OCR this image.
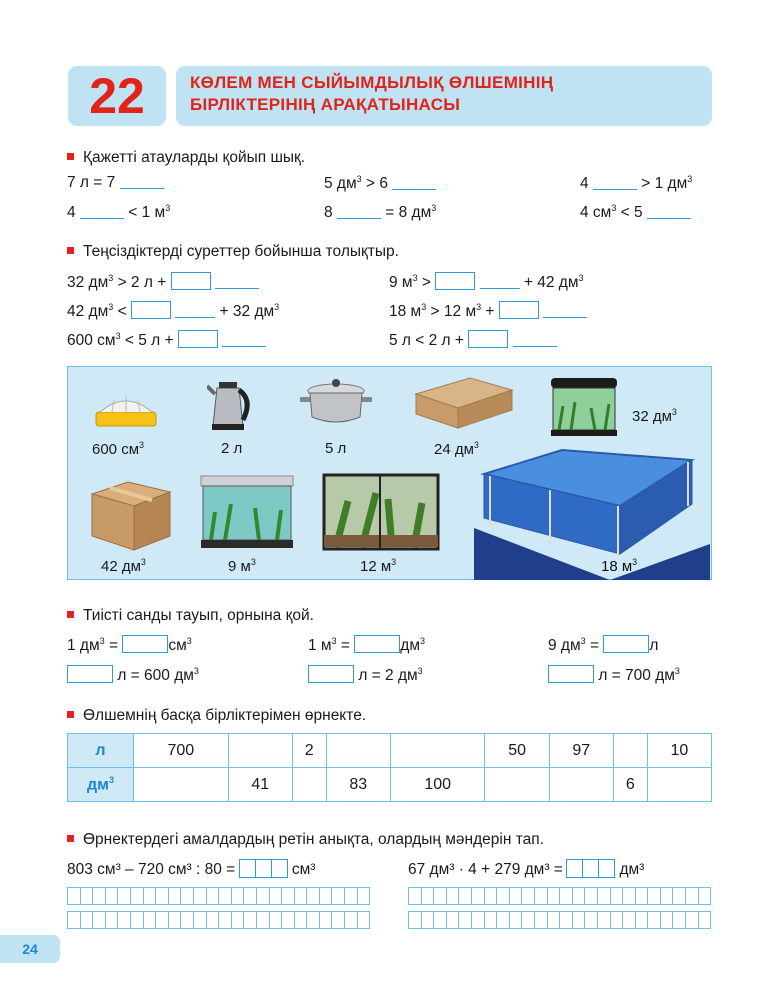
22	КӨЛЕМ МЕН СЫЙЫМДЫЛЫҚ ӨЛШЕМІНІҢ
БІРЛІКТЕРІНІҢ АРАҚАТЫНАСЫ
Қажетті атауларды қойып шық.
7 л = 7	5 $дм^3 > 6$	4	> 1 $дм^3$
4	< 1 $м^3$	8	= 8 $дм^3$	4 $см^3 < 5$
Теңсіздіктерді суреттер бойынша толықтыр.
32 $дм^3 > 2$ л +
42 $дм^3$ <	+ 32 $дм^3$
600 $см^3 < 5$ л +
9 $м^3$ >	+ 42 $дм^3$
18 $м^3 > 12$ $м^3$ +
5 л < 2 л +
600 $см^3$	2 л	5 л	24 $дм^3$
32 $дм^3$
42 $дм^3$	9 $м^3$	12 $м^3$	18 $м^3$
Тиісті санды тауып, орнына қой.
1 $дм^3$ =	$см^3$	1 $м^3$ =	$дм^3$	9 $дм^3$ =	л
л = 600 $дм^3$	л = 2 $дм^3$	л = 700 $дм^3$
Өлшемнің басқа бірліктерімен өрнекте.
л	700		2			50	97		10
$дм^3$		41		83	100			6	
Өрнектердегі амалдардың ретін анықта, олардың мәндерін тап.
803 см³ – 720 см³ : 80 =	см³	67 дм³ · 4 + 279 дм³ =	дм³

24
